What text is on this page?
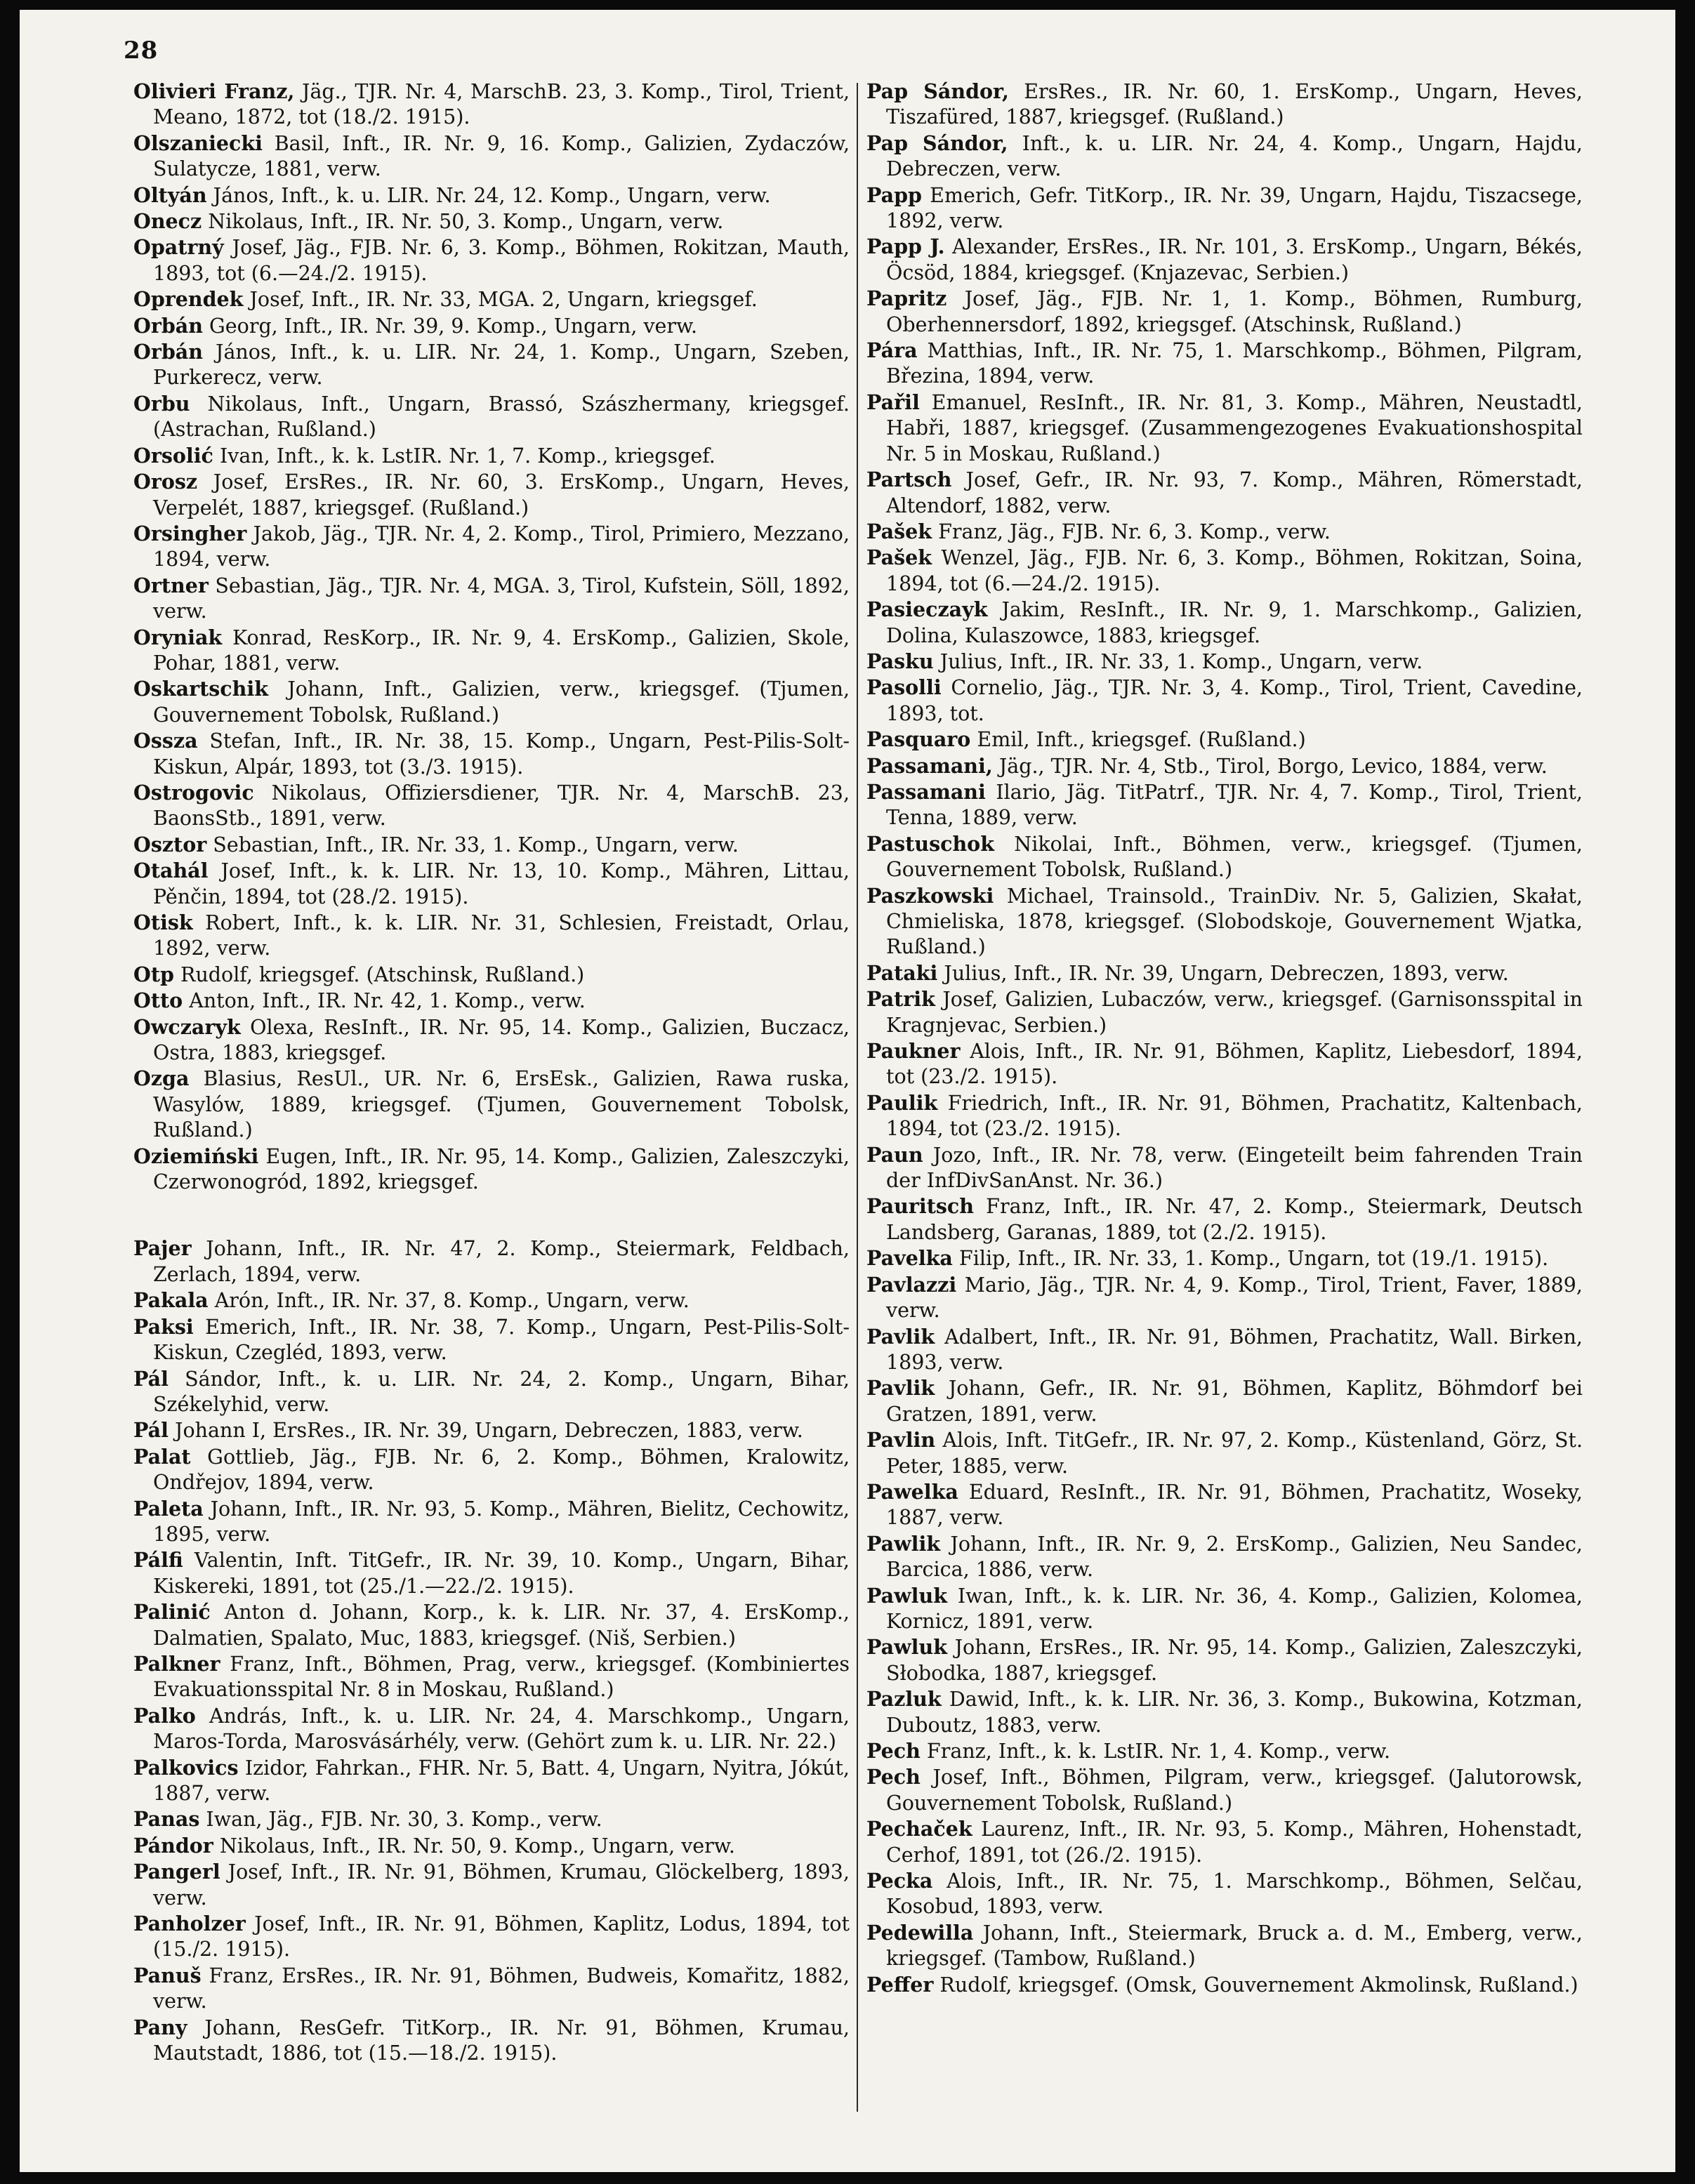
28

Olivieri Franz, Jäg., TJR. Nr. 4, MarschB. 23, 3. Komp., Tirol, Trient, Meano, 1872, tot (18./2. 1915).

Olszaniecki Basil, Inft., IR. Nr. 9, 16. Komp., Galizien, Zydaczów, Sulatycze, 1881, verw.

Oltyán János, Inft., k. u. LIR. Nr. 24, 12. Komp., Ungarn, verw.

Onecz Nikolaus, Inft., IR. Nr. 50, 3. Komp., Ungarn, verw.

Opatrný Josef, Jäg., FJB. Nr. 6, 3. Komp., Böhmen, Rokitzan, Mauth, 1893, tot (6.—24./2. 1915).

Oprendek Josef, Inft., IR. Nr. 33, MGA. 2, Ungarn, kriegsgef.

Orbán Georg, Inft., IR. Nr. 39, 9. Komp., Ungarn, verw.

Orbán János, Inft., k. u. LIR. Nr. 24, 1. Komp., Ungarn, Szeben, Purkerecz, verw.

Orbu Nikolaus, Inft., Ungarn, Brassó, Szászhermany, kriegsgef. (Astrachan, Rußland.)

Orsolić Ivan, Inft., k. k. LstIR. Nr. 1, 7. Komp., kriegsgef.

Orosz Josef, ErsRes., IR. Nr. 60, 3. ErsKomp., Ungarn, Heves, Verpelét, 1887, kriegsgef. (Rußland.)

Orsingher Jakob, Jäg., TJR. Nr. 4, 2. Komp., Tirol, Primiero, Mezzano, 1894, verw.

Ortner Sebastian, Jäg., TJR. Nr. 4, MGA. 3, Tirol, Kufstein, Söll, 1892, verw.

Oryniak Konrad, ResKorp., IR. Nr. 9, 4. ErsKomp., Galizien, Skole, Pohar, 1881, verw.

Oskartschik Johann, Inft., Galizien, verw., kriegsgef. (Tjumen, Gouvernement Tobolsk, Rußland.)

Ossza Stefan, Inft., IR. Nr. 38, 15. Komp., Ungarn, Pest-Pilis-Solt-Kiskun, Alpár, 1893, tot (3./3. 1915).

Ostrogovic Nikolaus, Offiziersdiener, TJR. Nr. 4, MarschB. 23, BaonsStb., 1891, verw.

Osztor Sebastian, Inft., IR. Nr. 33, 1. Komp., Ungarn, verw.

Otahál Josef, Inft., k. k. LIR. Nr. 13, 10. Komp., Mähren, Littau, Pěnčin, 1894, tot (28./2. 1915).

Otisk Robert, Inft., k. k. LIR. Nr. 31, Schlesien, Freistadt, Orlau, 1892, verw.

Otp Rudolf, kriegsgef. (Atschinsk, Rußland.)

Otto Anton, Inft., IR. Nr. 42, 1. Komp., verw.

Owczaryk Olexa, ResInft., IR. Nr. 95, 14. Komp., Galizien, Buczacz, Ostra, 1883, kriegsgef.

Ozga Blasius, ResUl., UR. Nr. 6, ErsEsk., Galizien, Rawa ruska, Wasylów, 1889, kriegsgef. (Tjumen, Gouvernement Tobolsk, Rußland.)

Oziemiński Eugen, Inft., IR. Nr. 95, 14. Komp., Galizien, Zaleszczyki, Czerwonogród, 1892, kriegsgef.

Pajer Johann, Inft., IR. Nr. 47, 2. Komp., Steiermark, Feldbach, Zerlach, 1894, verw.

Pakala Arón, Inft., IR. Nr. 37, 8. Komp., Ungarn, verw.

Paksi Emerich, Inft., IR. Nr. 38, 7. Komp., Ungarn, Pest-Pilis-Solt-Kiskun, Czegléd, 1893, verw.

Pál Sándor, Inft., k. u. LIR. Nr. 24, 2. Komp., Ungarn, Bihar, Székelyhid, verw.

Pál Johann I, ErsRes., IR. Nr. 39, Ungarn, Debreczen, 1883, verw.

Palat Gottlieb, Jäg., FJB. Nr. 6, 2. Komp., Böhmen, Kralowitz, Ondřejov, 1894, verw.

Paleta Johann, Inft., IR. Nr. 93, 5. Komp., Mähren, Bielitz, Cechowitz, 1895, verw.

Pálfi Valentin, Inft. TitGefr., IR. Nr. 39, 10. Komp., Ungarn, Bihar, Kiskereki, 1891, tot (25./1.—22./2. 1915).

Palinić Anton d. Johann, Korp., k. k. LIR. Nr. 37, 4. ErsKomp., Dalmatien, Spalato, Muc, 1883, kriegsgef. (Niš, Serbien.)

Palkner Franz, Inft., Böhmen, Prag, verw., kriegsgef. (Kombiniertes Evakuationsspital Nr. 8 in Moskau, Rußland.)

Palko András, Inft., k. u. LIR. Nr. 24, 4. Marschkomp., Ungarn, Maros-Torda, Marosvásárhély, verw. (Gehört zum k. u. LIR. Nr. 22.)

Palkovics Izidor, Fahrkan., FHR. Nr. 5, Batt. 4, Ungarn, Nyitra, Jókút, 1887, verw.

Panas Iwan, Jäg., FJB. Nr. 30, 3. Komp., verw.

Pándor Nikolaus, Inft., IR. Nr. 50, 9. Komp., Ungarn, verw.

Pangerl Josef, Inft., IR. Nr. 91, Böhmen, Krumau, Glöckelberg, 1893, verw.

Panholzer Josef, Inft., IR. Nr. 91, Böhmen, Kaplitz, Lodus, 1894, tot (15./2. 1915).

Panuš Franz, ErsRes., IR. Nr. 91, Böhmen, Budweis, Komařitz, 1882, verw.

Pany Johann, ResGefr. TitKorp., IR. Nr. 91, Böhmen, Krumau, Mautstadt, 1886, tot (15.—18./2. 1915).

Pap Sándor, ErsRes., IR. Nr. 60, 1. ErsKomp., Ungarn, Heves, Tiszafüred, 1887, kriegsgef. (Rußland.)

Pap Sándor, Inft., k. u. LIR. Nr. 24, 4. Komp., Ungarn, Hajdu, Debreczen, verw.

Papp Emerich, Gefr. TitKorp., IR. Nr. 39, Ungarn, Hajdu, Tiszacsege, 1892, verw.

Papp J. Alexander, ErsRes., IR. Nr. 101, 3. ErsKomp., Ungarn, Békés, Öcsöd, 1884, kriegsgef. (Knjazevac, Serbien.)

Papritz Josef, Jäg., FJB. Nr. 1, 1. Komp., Böhmen, Rumburg, Oberhennersdorf, 1892, kriegsgef. (Atschinsk, Rußland.)

Pára Matthias, Inft., IR. Nr. 75, 1. Marschkomp., Böhmen, Pilgram, Březina, 1894, verw.

Pařil Emanuel, ResInft., IR. Nr. 81, 3. Komp., Mähren, Neustadtl, Habři, 1887, kriegsgef. (Zusammengezogenes Evakuationshospital Nr. 5 in Moskau, Rußland.)

Partsch Josef, Gefr., IR. Nr. 93, 7. Komp., Mähren, Römerstadt, Altendorf, 1882, verw.

Pašek Franz, Jäg., FJB. Nr. 6, 3. Komp., verw.

Pašek Wenzel, Jäg., FJB. Nr. 6, 3. Komp., Böhmen, Rokitzan, Soina, 1894, tot (6.—24./2. 1915).

Pasieczayk Jakim, ResInft., IR. Nr. 9, 1. Marschkomp., Galizien, Dolina, Kulaszowce, 1883, kriegsgef.

Pasku Julius, Inft., IR. Nr. 33, 1. Komp., Ungarn, verw.

Pasolli Cornelio, Jäg., TJR. Nr. 3, 4. Komp., Tirol, Trient, Cavedine, 1893, tot.

Pasquaro Emil, Inft., kriegsgef. (Rußland.)

Passamani, Jäg., TJR. Nr. 4, Stb., Tirol, Borgo, Levico, 1884, verw.

Passamani Ilario, Jäg. TitPatrf., TJR. Nr. 4, 7. Komp., Tirol, Trient, Tenna, 1889, verw.

Pastuschok Nikolai, Inft., Böhmen, verw., kriegsgef. (Tjumen, Gouvernement Tobolsk, Rußland.)

Paszkowski Michael, Trainsold., TrainDiv. Nr. 5, Galizien, Skałat, Chmieliska, 1878, kriegsgef. (Slobodskoje, Gouvernement Wjatka, Rußland.)

Pataki Julius, Inft., IR. Nr. 39, Ungarn, Debreczen, 1893, verw.

Patrik Josef, Galizien, Lubaczów, verw., kriegsgef. (Garnisonsspital in Kragnjevac, Serbien.)

Paukner Alois, Inft., IR. Nr. 91, Böhmen, Kaplitz, Liebesdorf, 1894, tot (23./2. 1915).

Paulik Friedrich, Inft., IR. Nr. 91, Böhmen, Prachatitz, Kaltenbach, 1894, tot (23./2. 1915).

Paun Jozo, Inft., IR. Nr. 78, verw. (Eingeteilt beim fahrenden Train der InfDivSanAnst. Nr. 36.)

Pauritsch Franz, Inft., IR. Nr. 47, 2. Komp., Steiermark, Deutsch Landsberg, Garanas, 1889, tot (2./2. 1915).

Pavelka Filip, Inft., IR. Nr. 33, 1. Komp., Ungarn, tot (19./1. 1915).

Pavlazzi Mario, Jäg., TJR. Nr. 4, 9. Komp., Tirol, Trient, Faver, 1889, verw.

Pavlik Adalbert, Inft., IR. Nr. 91, Böhmen, Prachatitz, Wall. Birken, 1893, verw.

Pavlik Johann, Gefr., IR. Nr. 91, Böhmen, Kaplitz, Böhmdorf bei Gratzen, 1891, verw.

Pavlin Alois, Inft. TitGefr., IR. Nr. 97, 2. Komp., Küstenland, Görz, St. Peter, 1885, verw.

Pawelka Eduard, ResInft., IR. Nr. 91, Böhmen, Prachatitz, Woseky, 1887, verw.

Pawlik Johann, Inft., IR. Nr. 9, 2. ErsKomp., Galizien, Neu Sandec, Barcica, 1886, verw.

Pawluk Iwan, Inft., k. k. LIR. Nr. 36, 4. Komp., Galizien, Kolomea, Kornicz, 1891, verw.

Pawluk Johann, ErsRes., IR. Nr. 95, 14. Komp., Galizien, Zaleszczyki, Słobodka, 1887, kriegsgef.

Pazluk Dawid, Inft., k. k. LIR. Nr. 36, 3. Komp., Bukowina, Kotzman, Duboutz, 1883, verw.

Pech Franz, Inft., k. k. LstIR. Nr. 1, 4. Komp., verw.

Pech Josef, Inft., Böhmen, Pilgram, verw., kriegsgef. (Jalutorowsk, Gouvernement Tobolsk, Rußland.)

Pechaček Laurenz, Inft., IR. Nr. 93, 5. Komp., Mähren, Hohenstadt, Cerhof, 1891, tot (26./2. 1915).

Pecka Alois, Inft., IR. Nr. 75, 1. Marschkomp., Böhmen, Selčau, Kosobud, 1893, verw.

Pedewilla Johann, Inft., Steiermark, Bruck a. d. M., Emberg, verw., kriegsgef. (Tambow, Rußland.)

Peffer Rudolf, kriegsgef. (Omsk, Gouvernement Akmolinsk, Rußland.)
